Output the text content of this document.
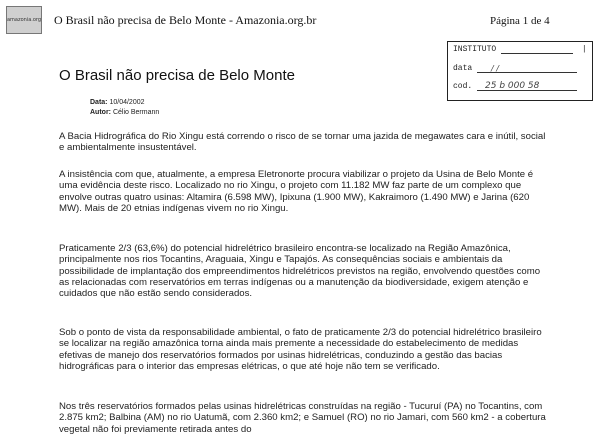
amazonia.org O Brasil não precisa de Belo Monte - Amazonia.org.br	Página 1 de 4
INSTITUTO	|
data / /
cod. 25 b 000 58
O Brasil não precisa de Belo Monte
Data: 10/04/2002
Autor: Célio Bermann

A Bacia Hidrográfica do Rio Xingu está correndo o risco de se tornar uma jazida de megawates cara e inútil, social e ambientalmente insustentável.

A insistência com que, atualmente, a empresa Eletronorte procura viabilizar o projeto da Usina de Belo Monte é uma evidência deste risco. Localizado no rio Xingu, o projeto com 11.182 MW faz parte de um complexo que envolve outras quatro usinas: Altamira (6.598 MW), Ipixuna (1.900 MW), Kakraimoro (1.490 MW) e Jarina (620 MW). Mais de 20 etnias indígenas vivem no rio Xingu.

Praticamente 2/3 (63,6%) do potencial hidrelétrico brasileiro encontra-se localizado na Região Amazônica, principalmente nos rios Tocantins, Araguaia, Xingu e Tapajós. As consequências sociais e ambientais da possibilidade de implantação dos empreendimentos hidrelétricos previstos na região, envolvendo questões como as relacionadas com reservatórios em terras indígenas ou a manutenção da biodiversidade, exigem atenção e cuidados que não estão sendo considerados.

Sob o ponto de vista da responsabilidade ambiental, o fato de praticamente 2/3 do potencial hidrelétrico brasileiro se localizar na região amazônica torna ainda mais premente a necessidade do estabelecimento de medidas efetivas de manejo dos reservatórios formados por usinas hidrelétricas, conduzindo a gestão das bacias hidrográficas para o interior das empresas elétricas, o que até hoje não tem se verificado.

Nos três reservatórios formados pelas usinas hidrelétricas construídas na região - Tucuruí (PA) no Tocantins, com 2.875 km2; Balbina (AM) no rio Uatumã, com 2.360 km2; e Samuel (RO) no rio Jamari, com 560 km2 - a cobertura vegetal não foi previamente retirada antes do
